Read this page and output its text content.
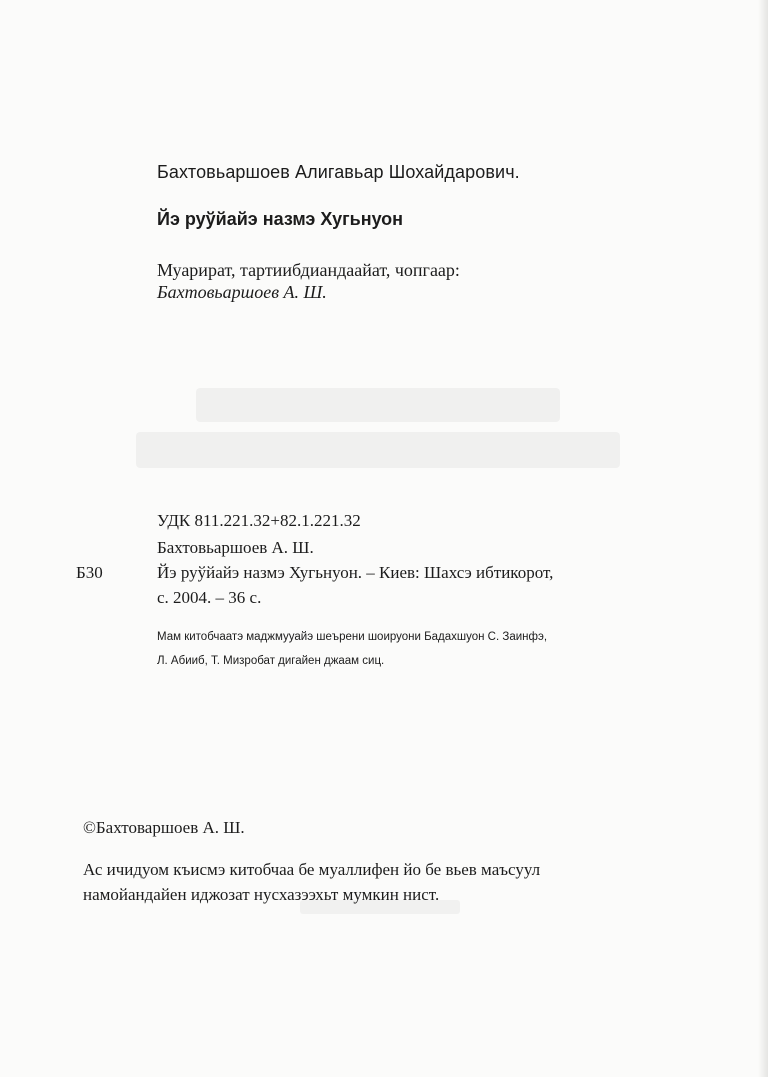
Бахтовьаршоев Алигавьар Шохайдарович.

Йэ руўйайэ назмэ Хугьнуон

Муарират, тартиибдиандаайат, чопгаар:

Бахтовьаршоев А. Ш.

УДК 811.221.32+82.1.221.32

Бахтовьаршоев А. Ш.

Б30	Йэ руўйайэ назмэ Хугьнуон. – Киев: Шахсэ ибтикорот,

с. 2004. – 36 с.

Мам китобчаатэ маджмууайэ шеърени шоируони Бадахшуон С. Заинфэ,

Л. Абииб, Т. Мизробат дигайен джаам сиц.

©Бахтоваршоев А. Ш.

Ас ичидуом къисмэ китобчаа бе муаллифен йо бе вьев маъсуул

намойандайен иджозат нусхазээхьт мумкин нист.
